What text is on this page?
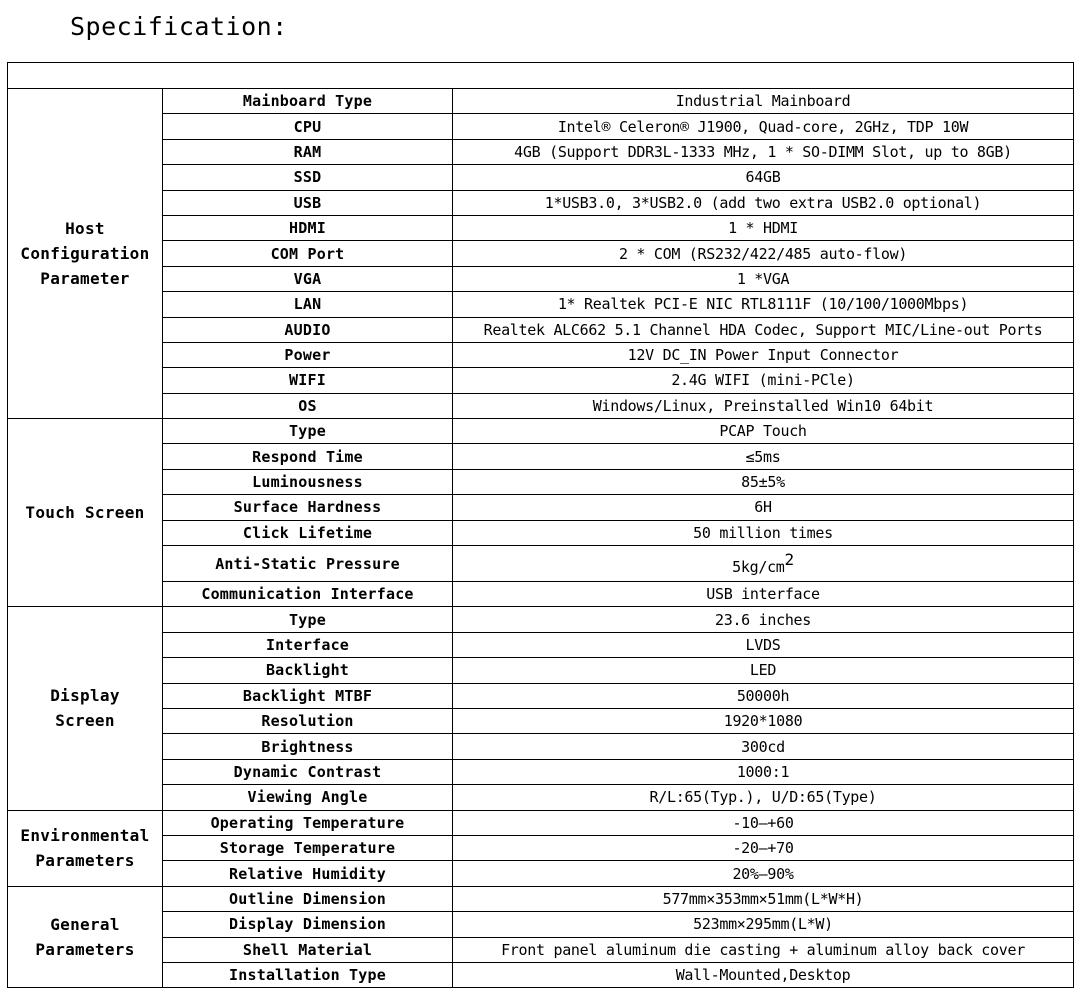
Specification:

Host
Configuration
Parameter	Mainboard Type	Industrial Mainboard
	CPU	Intel® Celeron® J1900, Quad-core, 2GHz, TDP 10W
	RAM	4GB (Support DDR3L-1333 MHz, 1 * SO-DIMM Slot, up to 8GB)
	SSD	64GB
	USB	1*USB3.0, 3*USB2.0 (add two extra USB2.0 optional)
	HDMI	1 * HDMI
	COM Port	2 * COM (RS232/422/485 auto-flow)
	VGA	1 *VGA
	LAN	1* Realtek PCI-E NIC RTL8111F (10/100/1000Mbps)
	AUDIO	Realtek ALC662 5.1 Channel HDA Codec, Support MIC/Line-out Ports
	Power	12V DC_IN Power Input Connector
	WIFI	2.4G WIFI (mini-PCle)
	OS	Windows/Linux, Preinstalled Win10 64bit
Touch Screen	Type	PCAP Touch
	Respond Time	≤5ms
	Luminousness	85±5%
	Surface Hardness	6H
	Click Lifetime	50 million times
	Anti-Static Pressure	5kg/cm2
	Communication Interface	USB interface
Display
Screen	Type	23.6 inches
	Interface	LVDS
	Backlight	LED
	Backlight MTBF	50000h
	Resolution	1920*1080
	Brightness	300cd
	Dynamic Contrast	1000:1
	Viewing Angle	R/L:65(Typ.), U/D:65(Type)
Environmental
Parameters	Operating Temperature	-10—+60
	Storage Temperature	-20—+70
	Relative Humidity	20%—90%
General
Parameters	Outline Dimension	577mm×353mm×51mm(L*W*H)
	Display Dimension	523mm×295mm(L*W)
	Shell Material	Front panel aluminum die casting + aluminum alloy back cover
	Installation Type	Wall-Mounted,Desktop
